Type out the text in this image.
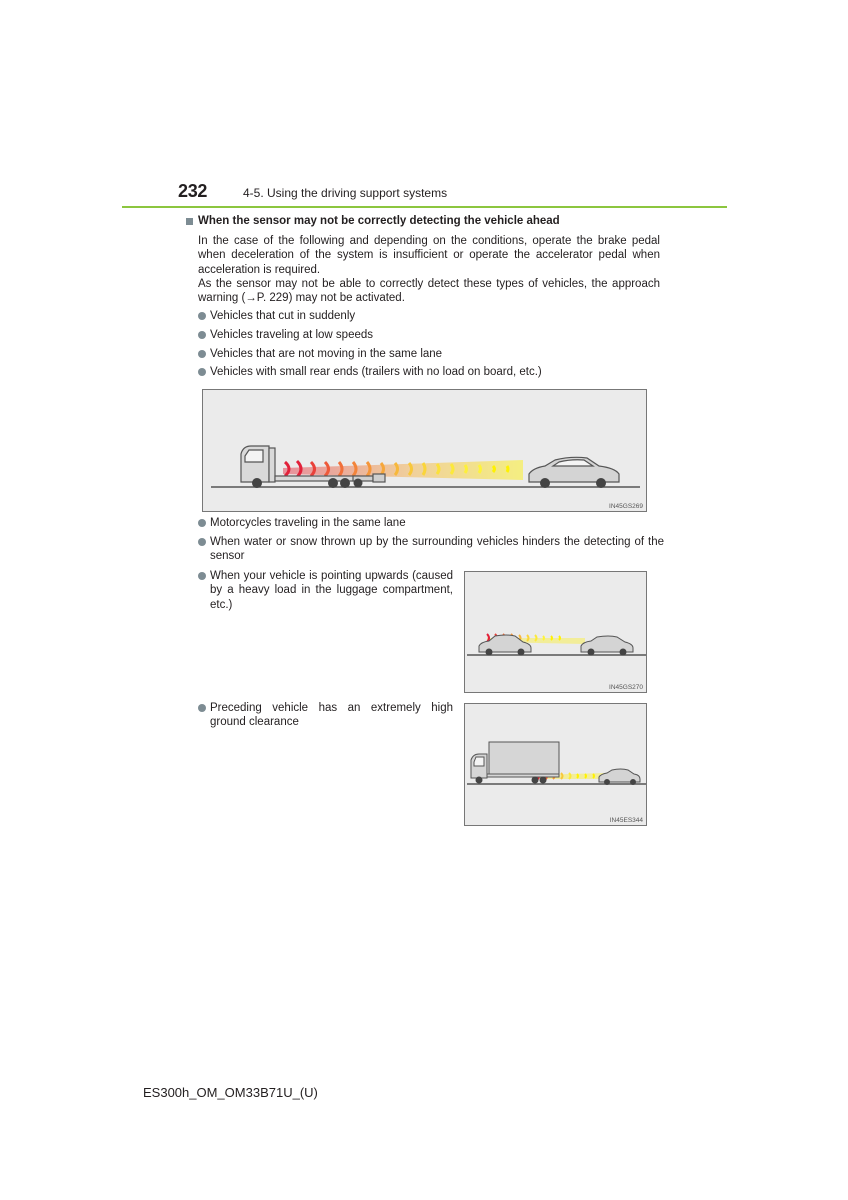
232	4-5. Using the driving support systems
When the sensor may not be correctly detecting the vehicle ahead
In the case of the following and depending on the conditions, operate the brake pedal when deceleration of the system is insufficient or operate the accelerator pedal when acceleration is required.
As the sensor may not be able to correctly detect these types of vehicles, the approach warning (→P. 229) may not be activated.
Vehicles that cut in suddenly
Vehicles traveling at low speeds
Vehicles that are not moving in the same lane
Vehicles with small rear ends (trailers with no load on board, etc.)
IN45GS269
Motorcycles traveling in the same lane
When water or snow thrown up by the surrounding vehicles hinders the detecting of the sensor
When your vehicle is pointing upwards (caused by a heavy load in the luggage compartment, etc.)
IN45GS270
Preceding vehicle has an extremely high ground clearance
IN45ES344
ES300h_OM_OM33B71U_(U)
